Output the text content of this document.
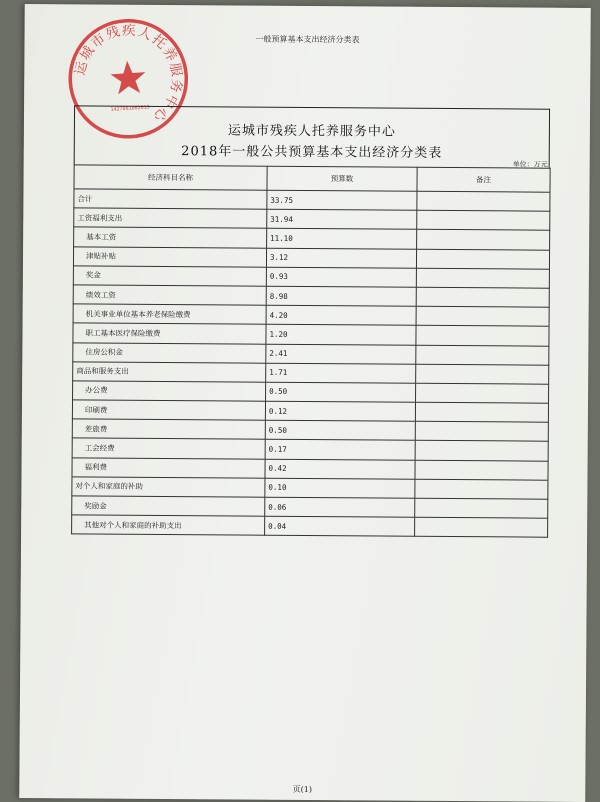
一般预算基本支出经济分类表
运城市残疾人托养服务中心
1427081002613
运城市残疾人托养服务中心
2018年一般公共预算基本支出经济分类表
单位：万元
经济科目名称	预算数	备注
合计	33.75	
工资福利支出	31.94	
基本工资	11.10	
津贴补贴	3.12	
奖金	0.93	
绩效工资	8.98	
机关事业单位基本养老保险缴费	4.20	
职工基本医疗保险缴费	1.20	
住房公积金	2.41	
商品和服务支出	1.71	
办公费	0.50	
印刷费	0.12	
差旅费	0.50	
工会经费	0.17	
福利费	0.42	
对个人和家庭的补助	0.10	
奖励金	0.06	
其他对个人和家庭的补助支出	0.04	
页(1)
